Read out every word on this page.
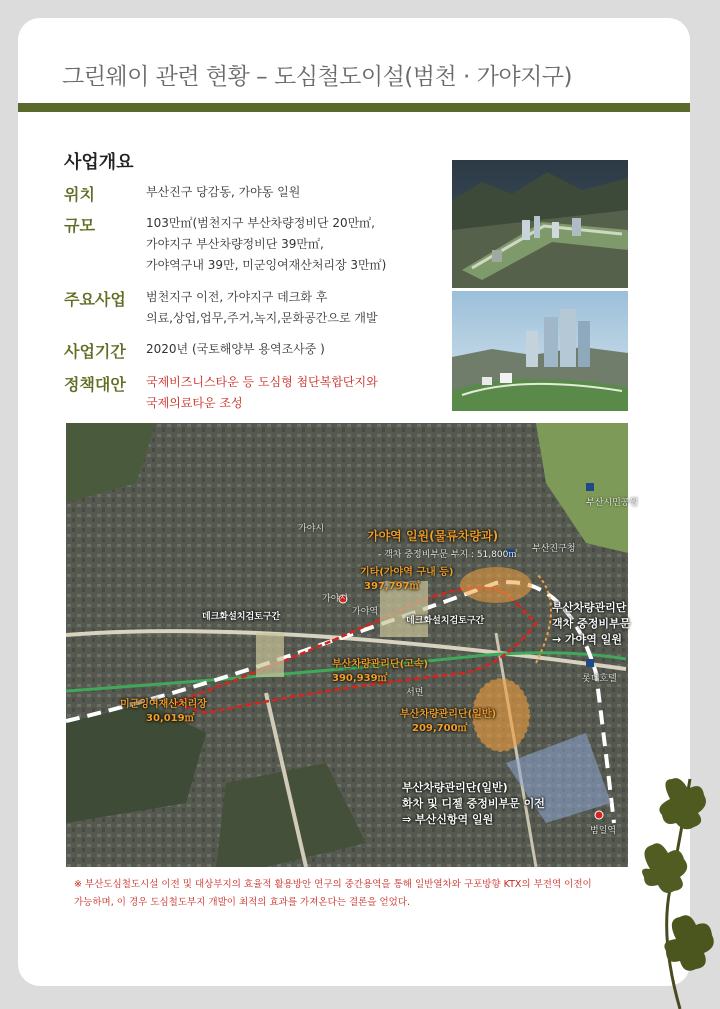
그린웨이 관련 현황 – 도심철도이설(범천 · 가야지구)
사업개요
위치	부산진구 당감동, 가야동 일원
규모	103만㎡(범천지구 부산차량정비단 20만㎡,
가야지구 부산차량정비단 39만㎡,
가야역구내 39만, 미군잉여재산처리장 3만㎡)
주요사업	범천지구 이전, 가야지구 데크화 후
의료,상업,업무,주거,녹지,문화공간으로 개발
사업기간	2020년 (국토해양부 용역조사중 )
정책대안	국제비즈니스타운 등 도심형 첨단복합단지와
국제의료타운 조성
가야역 일원(물류차량과)
- 객차 중정비부문 부지 : 51,800㎡
기타(가야역 구내 등)
397,797㎡
가야역
데크화설치검토구간	데크화설치검토구간
부산차량관리단
객차 중정비부문
→ 가야역 일원
부산차량관리단(고속)
390,939㎡
부산차량관리단(일반)
209,700㎡
미군잉여재산처리장
30,019㎡
부산차량관리단(일반)
화차 및 디젤 중정비부문 이전
⇒ 부산신항역 일원
범일역
부산진구청
부산시민공원
롯데호텔
가야시
가야시
서면
※ 부산도심철도시설 이전 및 대상부지의 효율적 활용방안 연구의 중간용역을 통해 일반열차와 구포방향 KTX의 부전역 이전이 가능하며, 이 경우 도심철도부지 개발이 최적의 효과를 가져온다는 결론을 얻었다.
